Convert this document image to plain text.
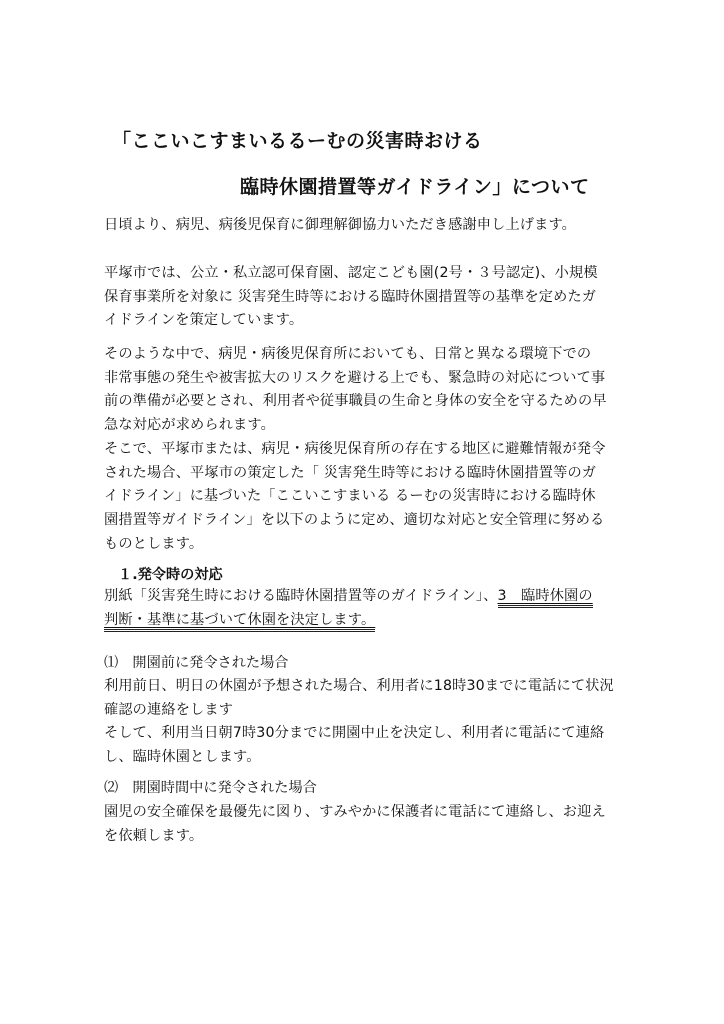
「ここいこすまいるるーむの災害時おける
臨時休園措置等ガイドライン」について

日頃より、病児、病後児保育に御理解御協力いただき感謝申し上げます。

平塚市では、公立・私立認可保育園、認定こども園(2号・３号認定)、小規模
保育事業所を対象に 災害発生時等における臨時休園措置等の基準を定めたガ
イドラインを策定しています。

そのような中で、病児・病後児保育所においても、日常と異なる環境下での
非常事態の発生や被害拡大のリスクを避ける上でも、緊急時の対応について事
前の準備が必要とされ、利用者や従事職員の生命と身体の安全を守るための早
急な対応が求められます。
そこで、平塚市または、病児・病後児保育所の存在する地区に避難情報が発令
された場合、平塚市の策定した「 災害発生時等における臨時休園措置等のガ
イドライン」に基づいた「ここいこすまいる るーむの災害時における臨時休
園措置等ガイドライン」を以下のように定め、適切な対応と安全管理に努める
ものとします。

１.発令時の対応

別紙「災害発生時における臨時休園措置等のガイドライン」、3　臨時休園の
判断・基準に基づいて休園を決定します。

⑴　開園前に発令された場合

利用前日、明日の休園が予想された場合、利用者に18時30までに電話にて状況
確認の連絡をします
そして、利用当日朝7時30分までに開園中止を決定し、利用者に電話にて連絡
し、臨時休園とします。

⑵　開園時間中に発令された場合

園児の安全確保を最優先に図り、すみやかに保護者に電話にて連絡し、お迎え
を依頼します。
